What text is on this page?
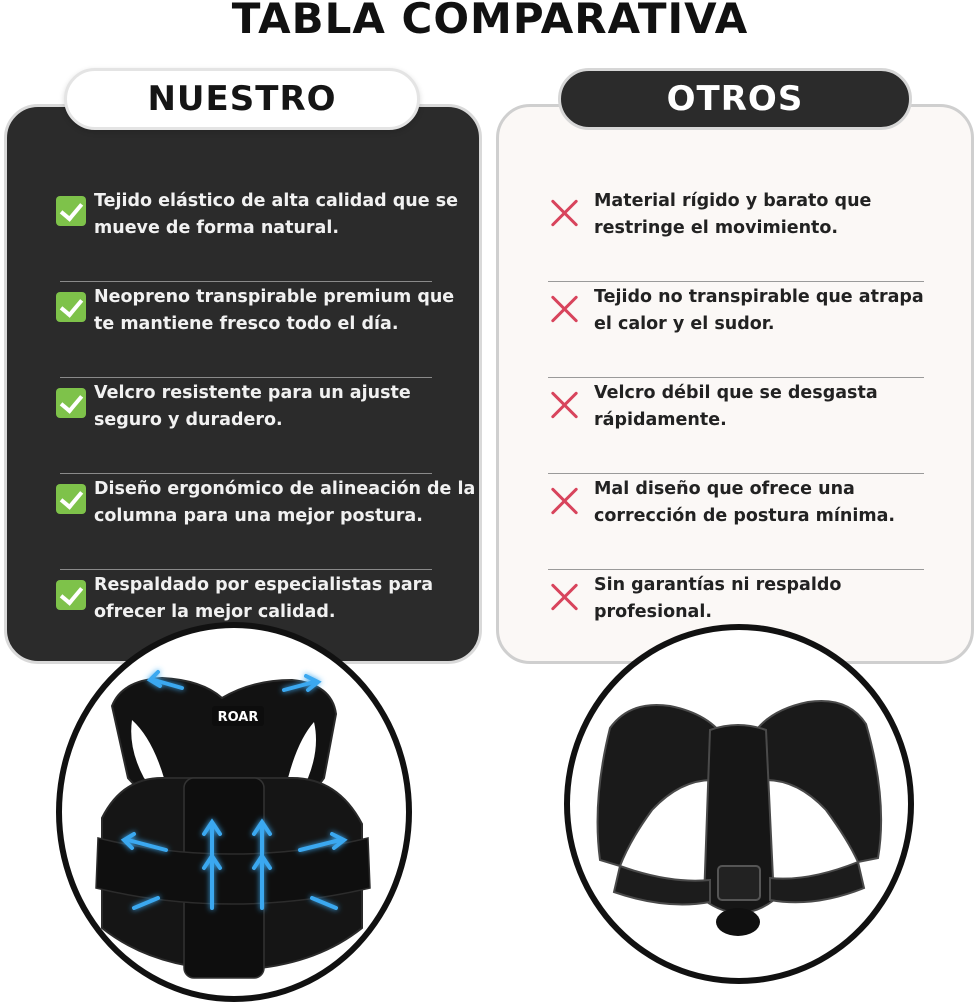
TABLA COMPARATIVA
NUESTRO	OTROS
Tejido elástico de alta calidad que se mueve de forma natural.
Neopreno transpirable premium que te mantiene fresco todo el día.
Velcro resistente para un ajuste seguro y duradero.
Diseño ergonómico de alineación de la columna para una mejor postura.
Respaldado por especialistas para ofrecer la mejor calidad.
Material rígido y barato que restringe el movimiento.
Tejido no transpirable que atrapa el calor y el sudor.
Velcro débil que se desgasta rápidamente.
Mal diseño que ofrece una corrección de postura mínima.
Sin garantías ni respaldo profesional.
ROAR
